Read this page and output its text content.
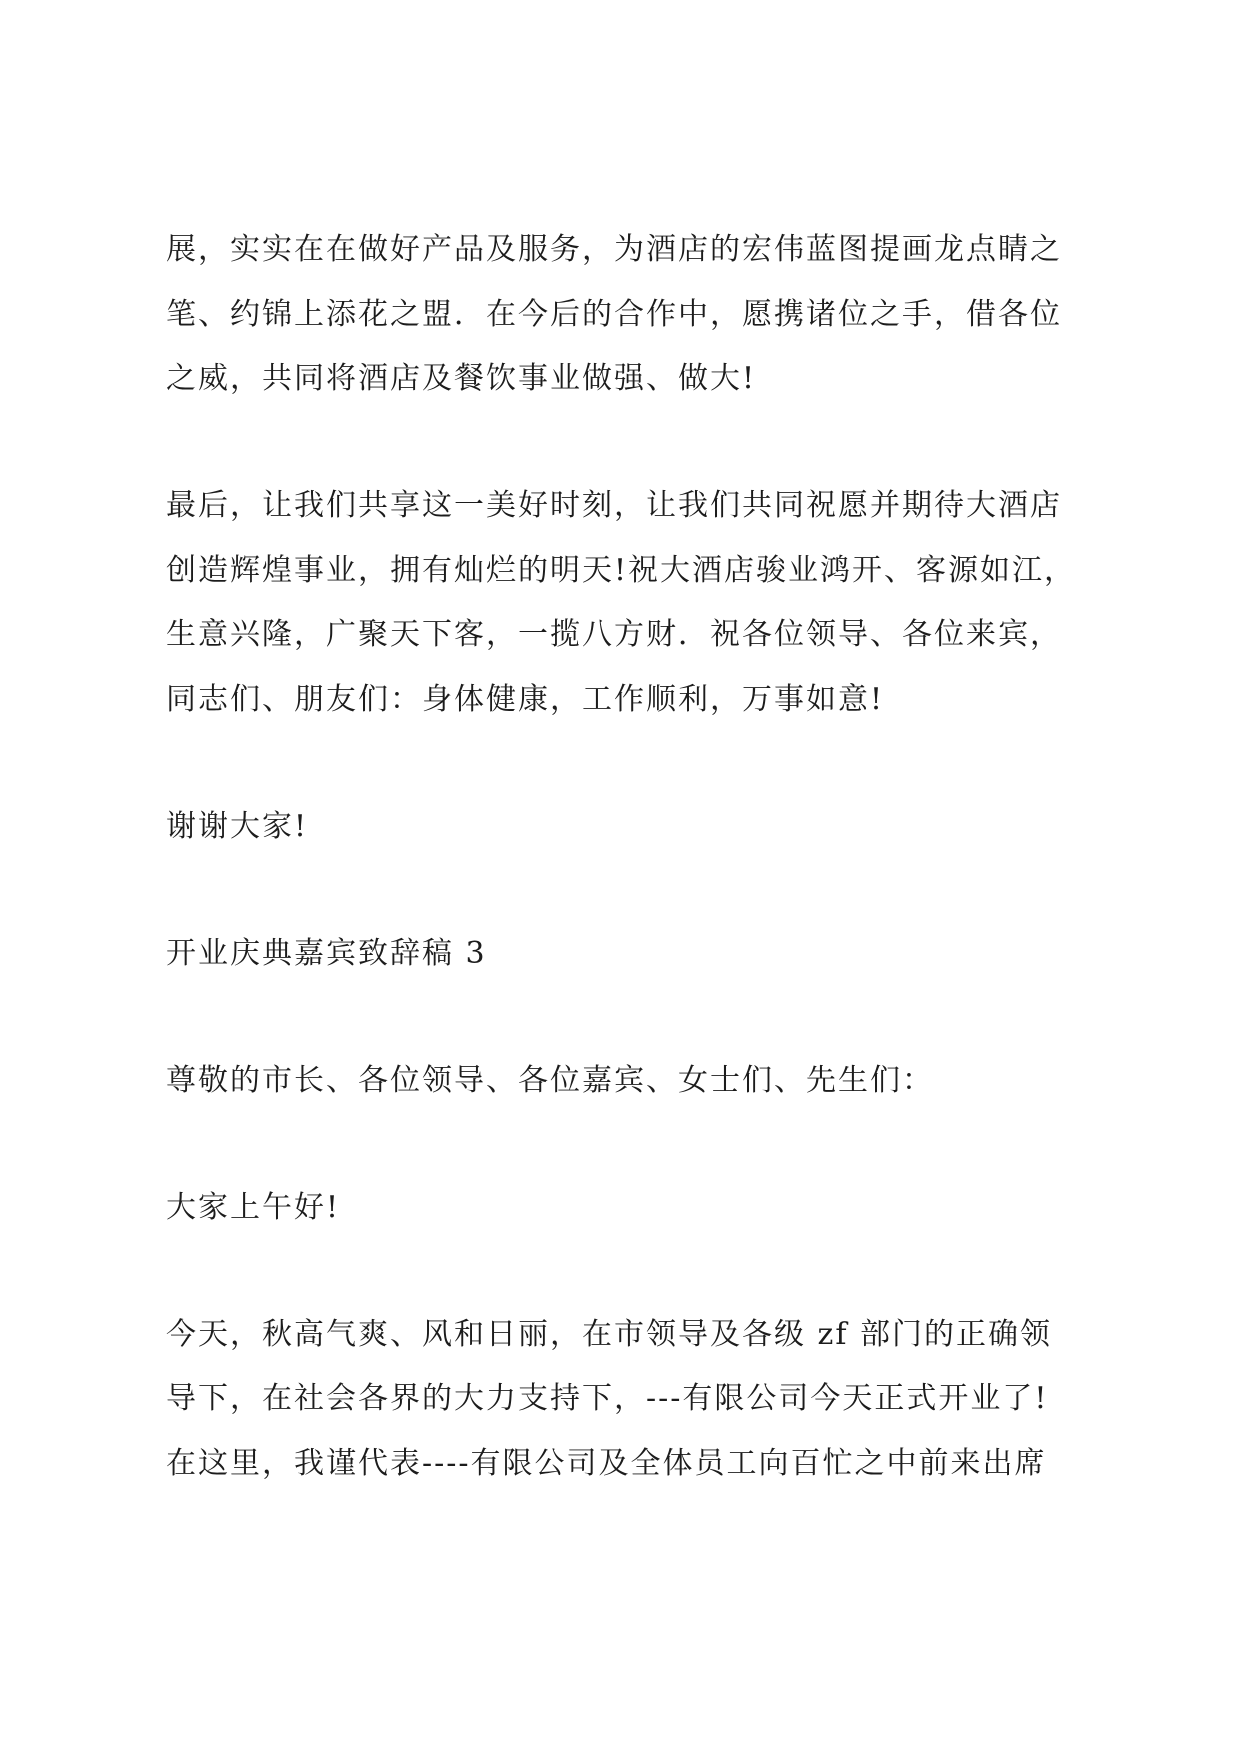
展，实实在在做好产品及服务，为酒店的宏伟蓝图提画龙点睛之
笔、约锦上添花之盟．在今后的合作中，愿携诸位之手，借各位
之威，共同将酒店及餐饮事业做强、做大!
最后，让我们共享这一美好时刻，让我们共同祝愿并期待大酒店
创造辉煌事业，拥有灿烂的明天!祝大酒店骏业鸿开、客源如江，
生意兴隆，广聚天下客，一揽八方财．祝各位领导、各位来宾，
同志们、朋友们：身体健康，工作顺利，万事如意!
谢谢大家!
开业庆典嘉宾致辞稿 3
尊敬的市长、各位领导、各位嘉宾、女士们、先生们：
大家上午好!
今天，秋高气爽、风和日丽，在市领导及各级 zf 部门的正确领
导下，在社会各界的大力支持下，---有限公司今天正式开业了!
在这里，我谨代表----有限公司及全体员工向百忙之中前来出席
